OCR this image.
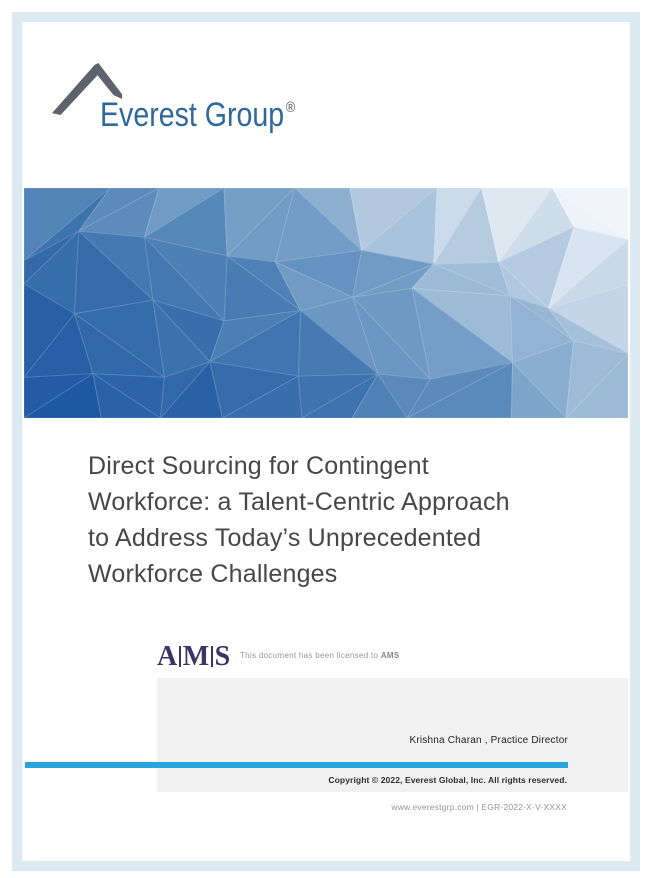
Everest Group ®
Direct Sourcing for Contingent
Workforce: a Talent-Centric Approach
to Address Today’s Unprecedented
Workforce Challenges
A M S This document has been licensed to AMS
Krishna Charan , Practice Director
Copyright © 2022, Everest Global, Inc. All rights reserved.
www.everestgrp.com | EGR-2022-X-V-XXXX
